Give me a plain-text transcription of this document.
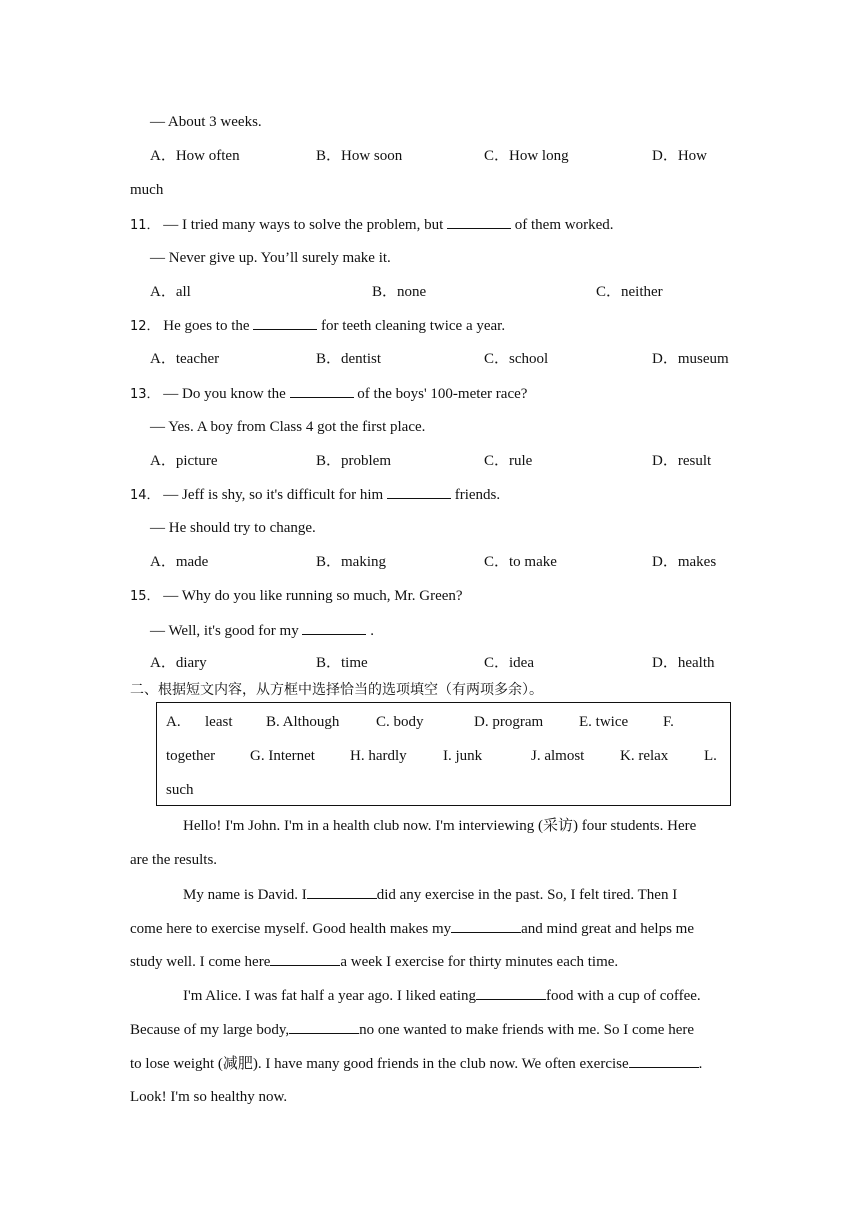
— About 3 weeks.
A．How often	B．How soon	C．How long	D．How
much
11． — I tried many ways to solve the problem, but	of them worked.
— Never give up. You’ll surely make it.
A．all	B．none	C．neither
12． He goes to the	for teeth cleaning twice a year.
A．teacher	B．dentist	C．school	D．museum
13． — Do you know the	of the boys' 100-meter race?
— Yes. A boy from Class 4 got the first place.
A．picture	B．problem	C．rule	D．result
14． — Jeff is shy, so it's difficult for him	friends.
— He should try to change.
A．made	B．making	C．to make	D．makes
15． — Why do you like running so much, Mr. Green?
— Well, it's good for my	.
A．diary	B．time	C．idea	D．health
二、根据短文内容，从方框中选择恰当的选项填空（有两项多余）。
A. least B. Although C. body	D. program E. twice F.
together G. Internet H. hardly I. junk	J. almost K. relax L.
such
Hello! I'm John. I'm in a health club now. I'm interviewing (采访) four students. Here
are the results.
My name is David. I	did any exercise in the past. So, I felt tired. Then I
come here to exercise myself. Good health makes my	and mind great and helps me
study well. I come here	a week I exercise for thirty minutes each time.
I'm Alice. I was fat half a year ago. I liked eating	food with a cup of coffee.
Because of my large body,	no one wanted to make friends with me. So I come here
to lose weight (减肥). I have many good friends in the club now. We often exercise	.
Look! I'm so healthy now.
